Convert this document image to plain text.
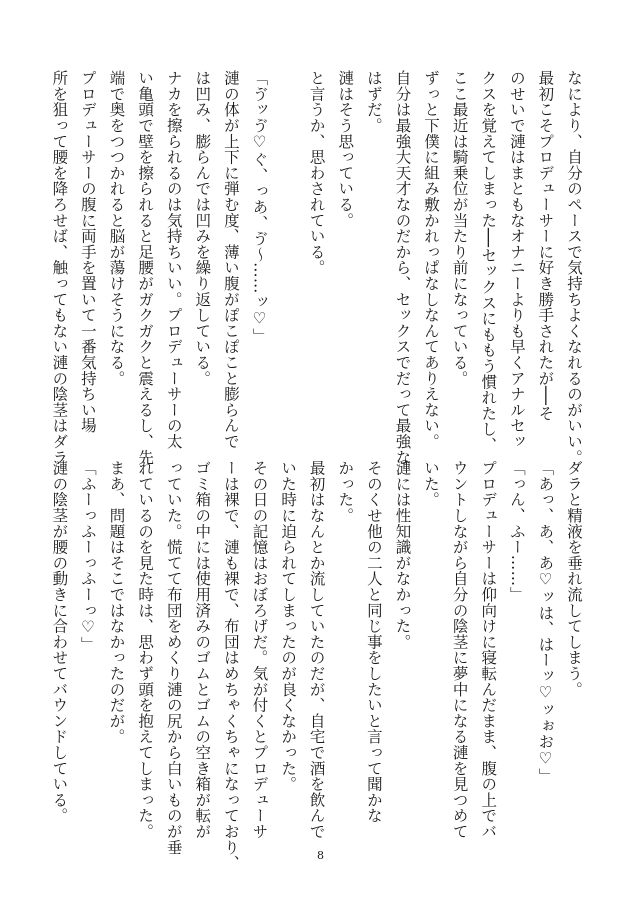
なにより、自分のペースで気持ちよくなれるのがいい。

最初こそプロデューサーに好き勝手されたが──そ

のせいで漣はまともなオナニーよりも早くアナルセッ

クスを覚えてしまった──セックスにももう慣れたし、

ここ最近は騎乗位が当たり前になっている。

ずっと下僕に組み敷かれっぱなしなんてありえない。

自分は最強大天才なのだから、セックスでだって最強な

はずだ。

漣はそう思っている。

と言うか、思わされている。

「ゔッゔ♡ぐ、っあ、ゔ〜……ッ♡」

漣の体が上下に弾む度、薄い腹がぽこぽこと膨らんで

は凹み、膨らんでは凹みを繰り返している。

ナカを擦られるのは気持ちいい。プロデューサーの太

い亀頭で壁を擦られると足腰がガクガクと震えるし、先

端で奥をつつかれると脳が蕩けそうになる。

プロデューサーの腹に両手を置いて一番気持ちい場

所を狙って腰を降ろせば、触ってもない漣の陰茎はダラ

ダラと精液を垂れ流してしまう。

「あっ、あ、あ♡ッは、はーッ♡ッぉお♡」

「っん、ふー……」

プロデューサーは仰向けに寝転んだまま、腹の上でバ

ウントしながら自分の陰茎に夢中になる漣を見つめて

いた。

漣には性知識がなかった。

そのくせ他の二人と同じ事をしたいと言って聞かな

かった。

最初はなんとか流していたのだが、自宅で酒を飲んで

いた時に迫られてしまったのが良くなかった。

その日の記憶はおぼろげだ。気が付くとプロデューサ

ーは裸で、漣も裸で、布団はめちゃくちゃになっており、

ゴミ箱の中には使用済みのゴムとゴムの空き箱が転が

っていた。慌てて布団をめくり漣の尻から白いものが垂

れているのを見た時は、思わず頭を抱えてしまった。

まあ、問題はそこではなかったのだが。

「ふーっふーっふーっ♡」

漣の陰茎が腰の動きに合わせてバウンドしている。

8
